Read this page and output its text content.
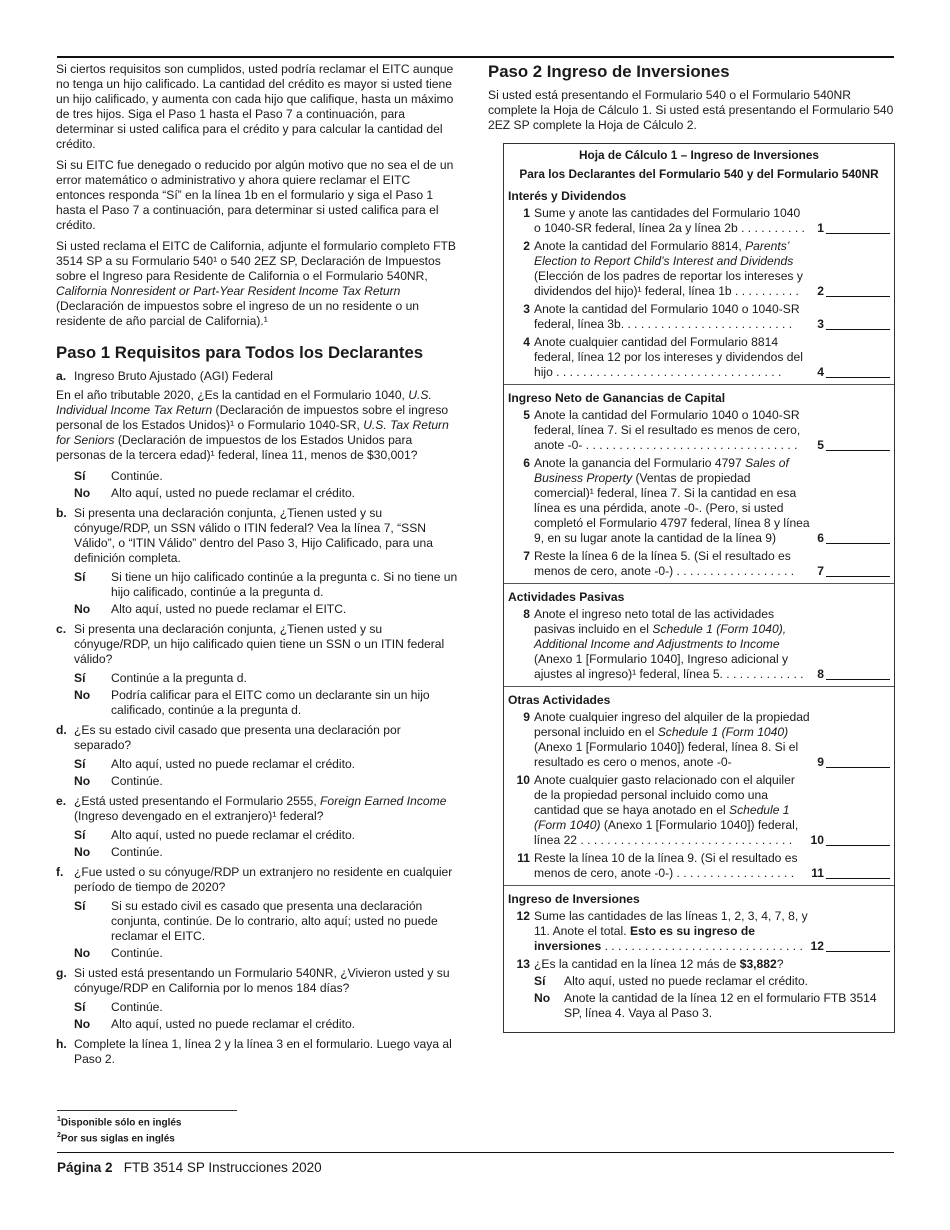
Si ciertos requisitos son cumplidos, usted podría reclamar el EITC aunque no tenga un hijo calificado. La cantidad del crédito es mayor si usted tiene un hijo calificado, y aumenta con cada hijo que califique, hasta un máximo de tres hijos. Siga el Paso 1 hasta el Paso 7 a continuación, para determinar si usted califica para el crédito y para calcular la cantidad del crédito.

Si su EITC fue denegado o reducido por algún motivo que no sea el de un error matemático o administrativo y ahora quiere reclamar el EITC entonces responda “Sí” en la línea 1b en el formulario y siga el Paso 1 hasta el Paso 7 a continuación, para determinar si usted califica para el crédito.

Si usted reclama el EITC de California, adjunte el formulario completo FTB 3514 SP a su Formulario 540¹ o 540 2EZ SP, Declaración de Impuestos sobre el Ingreso para Residente de California o el Formulario 540NR, California Nonresident or Part-Year Resident Income Tax Return (Declaración de impuestos sobre el ingreso de un no residente o un residente de año parcial de California).¹

Paso 1 Requisitos para Todos los Declarantes
a. Ingreso Bruto Ajustado (AGI) Federal

En el año tributable 2020, ¿Es la cantidad en el Formulario 1040, U.S. Individual Income Tax Return (Declaración de impuestos sobre el ingreso personal de los Estados Unidos)¹ o Formulario 1040-SR, U.S. Tax Return for Seniors (Declaración de impuestos de los Estados Unidos para personas de la tercera edad)¹ federal, línea 11, menos de $30,001?

Sí	Continúe.
No	Alto aquí, usted no puede reclamar el crédito.
b. Si presenta una declaración conjunta, ¿Tienen usted y su cónyuge/RDP, un SSN válido o ITIN federal? Vea la línea 7, “SSN Válido”, o “ITIN Válido” dentro del Paso 3, Hijo Calificado, para una definición completa.
Sí	Si tiene un hijo calificado continúe a la pregunta c. Si no tiene un hijo calificado, continúe a la pregunta d.
No	Alto aquí, usted no puede reclamar el EITC.
c. Si presenta una declaración conjunta, ¿Tienen usted y su cónyuge/RDP, un hijo calificado quien tiene un SSN o un ITIN federal válido?
Sí	Continúe a la pregunta d.
No	Podría calificar para el EITC como un declarante sin un hijo calificado, continúe a la pregunta d.
d. ¿Es su estado civil casado que presenta una declaración por separado?
Sí	Alto aquí, usted no puede reclamar el crédito.
No	Continúe.
e. ¿Está usted presentando el Formulario 2555, Foreign Earned Income (Ingreso devengado en el extranjero)¹ federal?
Sí	Alto aquí, usted no puede reclamar el crédito.
No	Continúe.
f. ¿Fue usted o su cónyuge/RDP un extranjero no residente en cualquier período de tiempo de 2020?
Sí	Si su estado civil es casado que presenta una declaración conjunta, continúe. De lo contrario, alto aquí; usted no puede reclamar el EITC.
No	Continúe.
g. Si usted está presentando un Formulario 540NR, ¿Vivieron usted y su cónyuge/RDP en California por lo menos 184 días?
Sí	Continúe.
No	Alto aquí, usted no puede reclamar el crédito.
h. Complete la línea 1, línea 2 y la línea 3 en el formulario. Luego vaya al Paso 2.
Paso 2 Ingreso de Inversiones

Si usted está presentando el Formulario 540 o el Formulario 540NR complete la Hoja de Cálculo 1. Si usted está presentando el Formulario 540 2EZ SP complete la Hoja de Cálculo 2.

Hoja de Cálculo 1 – Ingreso de Inversiones
Para los Declarantes del Formulario 540 y del Formulario 540NR
Interés y Dividendos
1 Sume y anote las cantidades del Formulario 1040 o 1040-SR federal, línea 2a y línea 2b . . . . . . . . . .	1
2 Anote la cantidad del Formulario 8814, Parents’ Election to Report Child’s Interest and Dividends (Elección de los padres de reportar los intereses y dividendos del hijo)¹ federal, línea 1b . . . . . . . . . .	2
3 Anote la cantidad del Formulario 1040 o 1040-SR federal, línea 3b. . . . . . . . . . . . . . . . . . . . . . . . . .	3
4 Anote cualquier cantidad del Formulario 8814 federal, línea 12 por los intereses y dividendos del hijo . . . . . . . . . . . . . . . . . . . . . . . . . . . . . . . . . .	4
Ingreso Neto de Ganancias de Capital
5 Anote la cantidad del Formulario 1040 o 1040-SR federal, línea 7. Si el resultado es menos de cero, anote -0- . . . . . . . . . . . . . . . . . . . . . . . . . . . . . . . .	5
6 Anote la ganancia del Formulario 4797 Sales of Business Property (Ventas de propiedad comercial)¹ federal, línea 7. Si la cantidad en esa línea es una pérdida, anote -0-. (Pero, si usted completó el Formulario 4797 federal, línea 8 y línea 9, en su lugar anote la cantidad de la línea 9)	6
7 Reste la línea 6 de la línea 5. (Si el resultado es menos de cero, anote -0-) . . . . . . . . . . . . . . . . . .	7
Actividades Pasivas
8 Anote el ingreso neto total de las actividades pasivas incluido en el Schedule 1 (Form 1040), Additional Income and Adjustments to Income (Anexo 1 [Formulario 1040], Ingreso adicional y ajustes al ingreso)¹ federal, línea 5. . . . . . . . . . . . .	8
Otras Actividades
9 Anote cualquier ingreso del alquiler de la propiedad personal incluido en el Schedule 1 (Form 1040) (Anexo 1 [Formulario 1040]) federal, línea 8. Si el resultado es cero o menos, anote -0-	9
10 Anote cualquier gasto relacionado con el alquiler de la propiedad personal incluido como una cantidad que se haya anotado en el Schedule 1 (Form 1040) (Anexo 1 [Formulario 1040]) federal, línea 22 . . . . . . . . . . . . . . . . . . . . . . . . . . . . . . . .	10
11 Reste la línea 10 de la línea 9. (Si el resultado es menos de cero, anote -0-) . . . . . . . . . . . . . . . . . .	11
Ingreso de Inversiones
12 Sume las cantidades de las líneas 1, 2, 3, 4, 7, 8, y 11. Anote el total. Esto es su ingreso de inversiones . . . . . . . . . . . . . . . . . . . . . . . . . . . . . . 12
13 ¿Es la cantidad en la línea 12 más de $3,882?
Sí	Alto aquí, usted no puede reclamar el crédito.
No	Anote la cantidad de la línea 12 en el formulario FTB 3514 SP, línea 4. Vaya al Paso 3.
$^1$Disponible sólo en inglés
$^2$Por sus siglas en inglés
Página 2 FTB 3514 SP Instrucciones 2020
